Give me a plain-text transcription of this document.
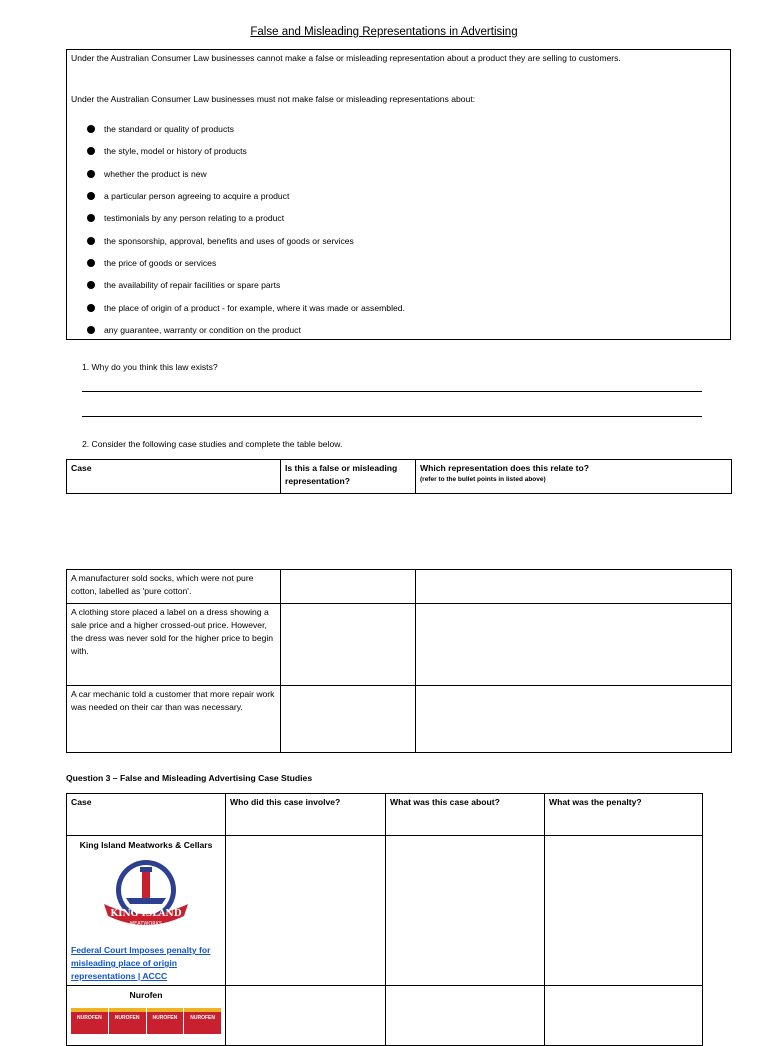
False and Misleading Representations in Advertising
Under the Australian Consumer Law businesses cannot make a false or misleading representation about a product they are selling to customers.
Under the Australian Consumer Law businesses must not make false or misleading representations about:
the standard or quality of products
the style, model or history of products
whether the product is new
a particular person agreeing to acquire a product
testimonials by any person relating to a product
the sponsorship, approval, benefits and uses of goods or services
the price of goods or services
the availability of repair facilities or spare parts
the place of origin of a product - for example, where it was made or assembled.
any guarantee, warranty or condition on the product
1. Why do you think this law exists?
2. Consider the following case studies and complete the table below.
Case	Is this a false or misleading representation?	Which representation does this relate to?
(refer to the bullet points in listed above)
A manufacturer sold socks, which were not pure cotton, labelled as 'pure cotton'.		
A clothing store placed a label on a dress showing a sale price and a higher crossed-out price. However, the dress was never sold for the higher price to begin with.		
A car mechanic told a customer that more repair work was needed on their car than was necessary.		
Question 3 – False and Misleading Advertising Case Studies
Case	Who did this case involve?	What was this case about?	What was the penalty?

King Island Meatworks & Cellars
KING ISLAND
MEATWORKS
Federal Court Imposes penalty for misleading place of origin representations | ACCC			

Nurofen
NUROFEN NUROFEN NUROFEN NUROFEN			
